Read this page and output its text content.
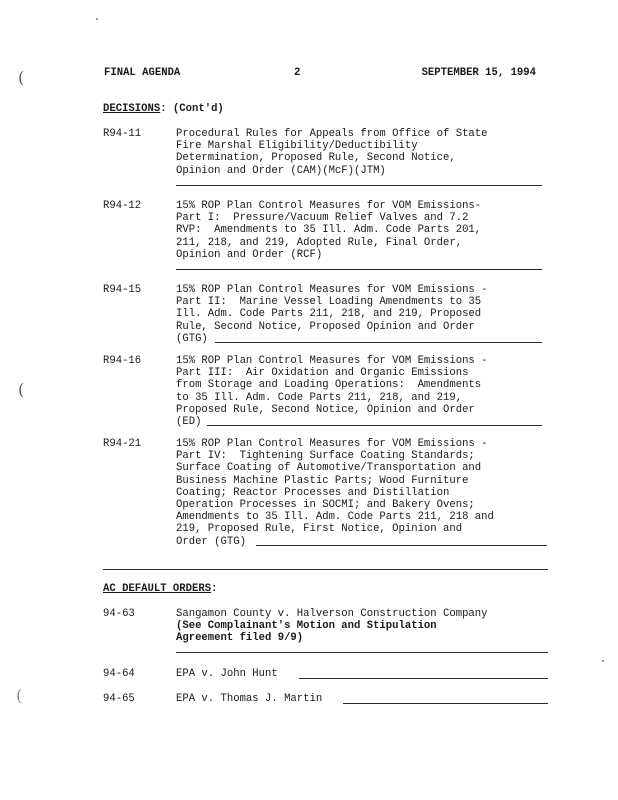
(
(
(
FINAL AGENDA	2	SEPTEMBER 15, 1994
DECISIONS: (Cont'd)
R94-11	Procedural Rules for Appeals from Office of State
Fire Marshal Eligibility/Deductibility
Determination, Proposed Rule, Second Notice,
Opinion and Order (CAM)(McF)(JTM)
R94-12	15% ROP Plan Control Measures for VOM Emissions-
Part I:  Pressure/Vacuum Relief Valves and 7.2
RVP:  Amendments to 35 Ill. Adm. Code Parts 201,
211, 218, and 219, Adopted Rule, Final Order,
Opinion and Order (RCF)
R94-15	15% ROP Plan Control Measures for VOM Emissions -
Part II:  Marine Vessel Loading Amendments to 35
Ill. Adm. Code Parts 211, 218, and 219, Proposed
Rule, Second Notice, Proposed Opinion and Order
(GTG)
R94-16	15% ROP Plan Control Measures for VOM Emissions -
Part III:  Air Oxidation and Organic Emissions
from Storage and Loading Operations:  Amendments
to 35 Ill. Adm. Code Parts 211, 218, and 219,
Proposed Rule, Second Notice, Opinion and Order
(ED)
R94-21	15% ROP Plan Control Measures for VOM Emissions -
Part IV:  Tightening Surface Coating Standards;
Surface Coating of Automotive/Transportation and
Business Machine Plastic Parts; Wood Furniture
Coating; Reactor Processes and Distillation
Operation Processes in SOCMI; and Bakery Ovens;
Amendments to 35 Ill. Adm. Code Parts 211, 218 and
219, Proposed Rule, First Notice, Opinion and
Order (GTG)
AC DEFAULT ORDERS:
94-63	Sangamon County v. Halverson Construction Company
(See Complainant's Motion and Stipulation
Agreement filed 9/9)
94-64	EPA v. John Hunt
94-65	EPA v. Thomas J. Martin
